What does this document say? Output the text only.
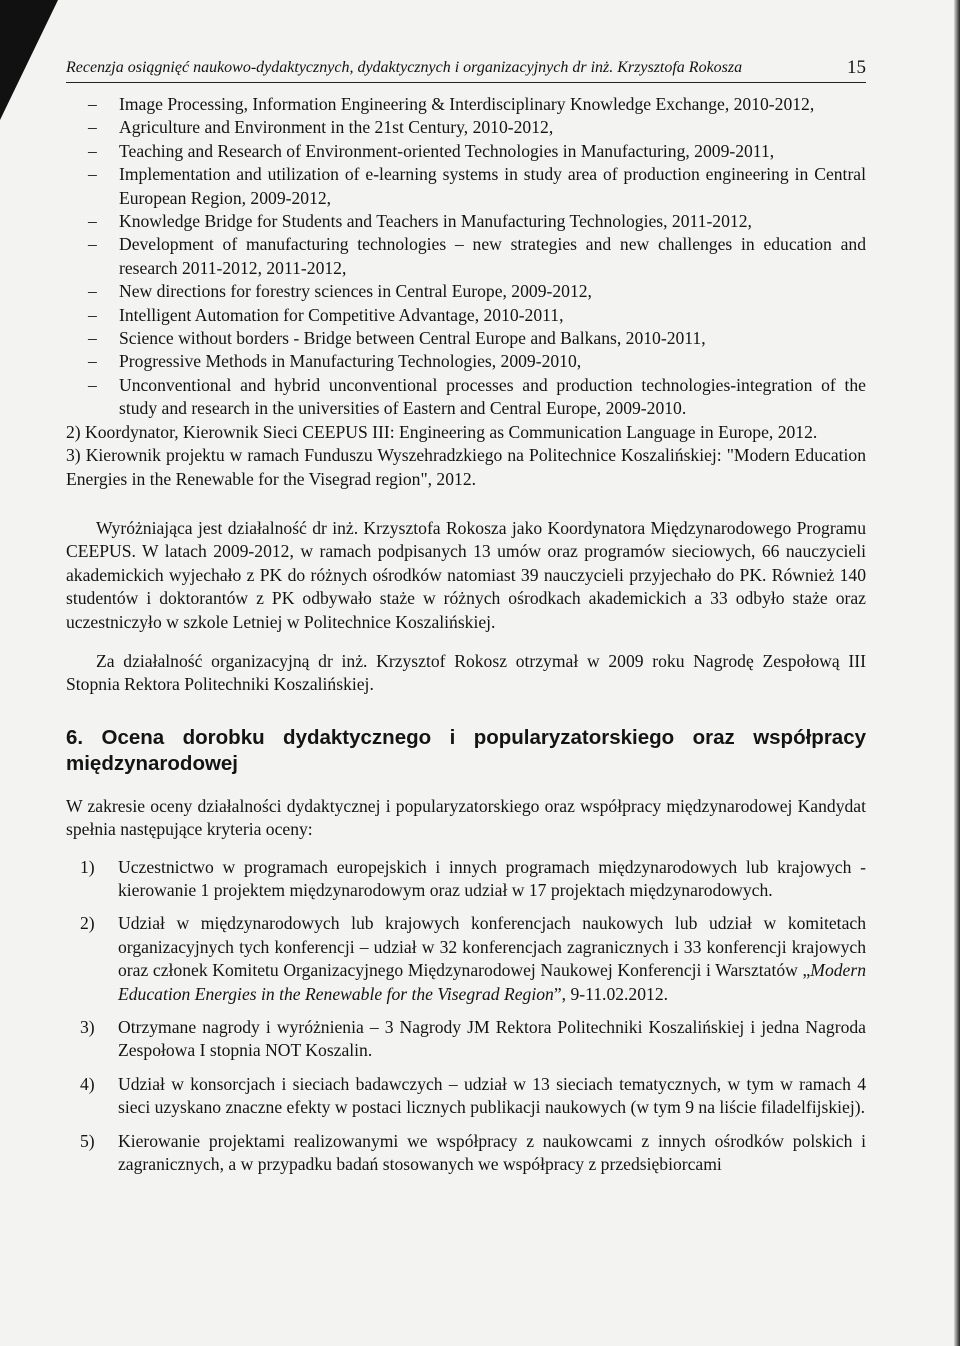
Recenzja osiągnięć naukowo-dydaktycznych, dydaktycznych i organizacyjnych dr inż. Krzysztofa Rokosza	15
– Image Processing, Information Engineering & Interdisciplinary Knowledge Exchange, 2010-2012,
– Agriculture and Environment in the 21st Century, 2010-2012,
– Teaching and Research of Environment-oriented Technologies in Manufacturing, 2009-2011,
– Implementation and utilization of e-learning systems in study area of production engineering in Central European Region, 2009-2012,
– Knowledge Bridge for Students and Teachers in Manufacturing Technologies, 2011-2012,
– Development of manufacturing technologies – new strategies and new challenges in education and research 2011-2012, 2011-2012,
– New directions for forestry sciences in Central Europe, 2009-2012,
– Intelligent Automation for Competitive Advantage, 2010-2011,
– Science without borders - Bridge between Central Europe and Balkans, 2010-2011,
– Progressive Methods in Manufacturing Technologies, 2009-2010,
– Unconventional and hybrid unconventional processes and production technologies-integration of the study and research in the universities of Eastern and Central Europe, 2009-2010.

2) Koordynator, Kierownik Sieci CEEPUS III: Engineering as Communication Language in Europe, 2012.

3) Kierownik projektu w ramach Funduszu Wyszehradzkiego na Politechnice Koszalińskiej: "Modern Education Energies in the Renewable for the Visegrad region", 2012.

Wyróżniająca jest działalność dr inż. Krzysztofa Rokosza jako Koordynatora Międzynarodowego Programu CEEPUS. W latach 2009-2012, w ramach podpisanych 13 umów oraz programów sieciowych, 66 nauczycieli akademickich wyjechało z PK do różnych ośrodków natomiast 39 nauczycieli przyjechało do PK. Również 140 studentów i doktorantów z PK odbywało staże w różnych ośrodkach akademickich a 33 odbyło staże oraz uczestniczyło w szkole Letniej w Politechnice Koszalińskiej.

Za działalność organizacyjną dr inż. Krzysztof Rokosz otrzymał w 2009 roku Nagrodę Zespołową III Stopnia Rektora Politechniki Koszalińskiej.

6. Ocena dorobku dydaktycznego i popularyzatorskiego oraz współpracy międzynarodowej

W zakresie oceny działalności dydaktycznej i popularyzatorskiego oraz współpracy międzynarodowej Kandydat spełnia następujące kryteria oceny:

1) Uczestnictwo w programach europejskich i innych programach międzynarodowych lub krajowych - kierowanie 1 projektem międzynarodowym oraz udział w 17 projektach międzynarodowych.
2) Udział w międzynarodowych lub krajowych konferencjach naukowych lub udział w komitetach organizacyjnych tych konferencji – udział w 32 konferencjach zagranicznych i 33 konferencji krajowych oraz członek Komitetu Organizacyjnego Międzynarodowej Naukowej Konferencji i Warsztatów „Modern Education Energies in the Renewable for the Visegrad Region”, 9-11.02.2012.
3) Otrzymane nagrody i wyróżnienia – 3 Nagrody JM Rektora Politechniki Koszalińskiej i jedna Nagroda Zespołowa I stopnia NOT Koszalin.
4) Udział w konsorcjach i sieciach badawczych – udział w 13 sieciach tematycznych, w tym w ramach 4 sieci uzyskano znaczne efekty w postaci licznych publikacji naukowych (w tym 9 na liście filadelfijskiej).
5) Kierowanie projektami realizowanymi we współpracy z naukowcami z innych ośrodków polskich i zagranicznych, a w przypadku badań stosowanych we współpracy z przedsiębiorcami
